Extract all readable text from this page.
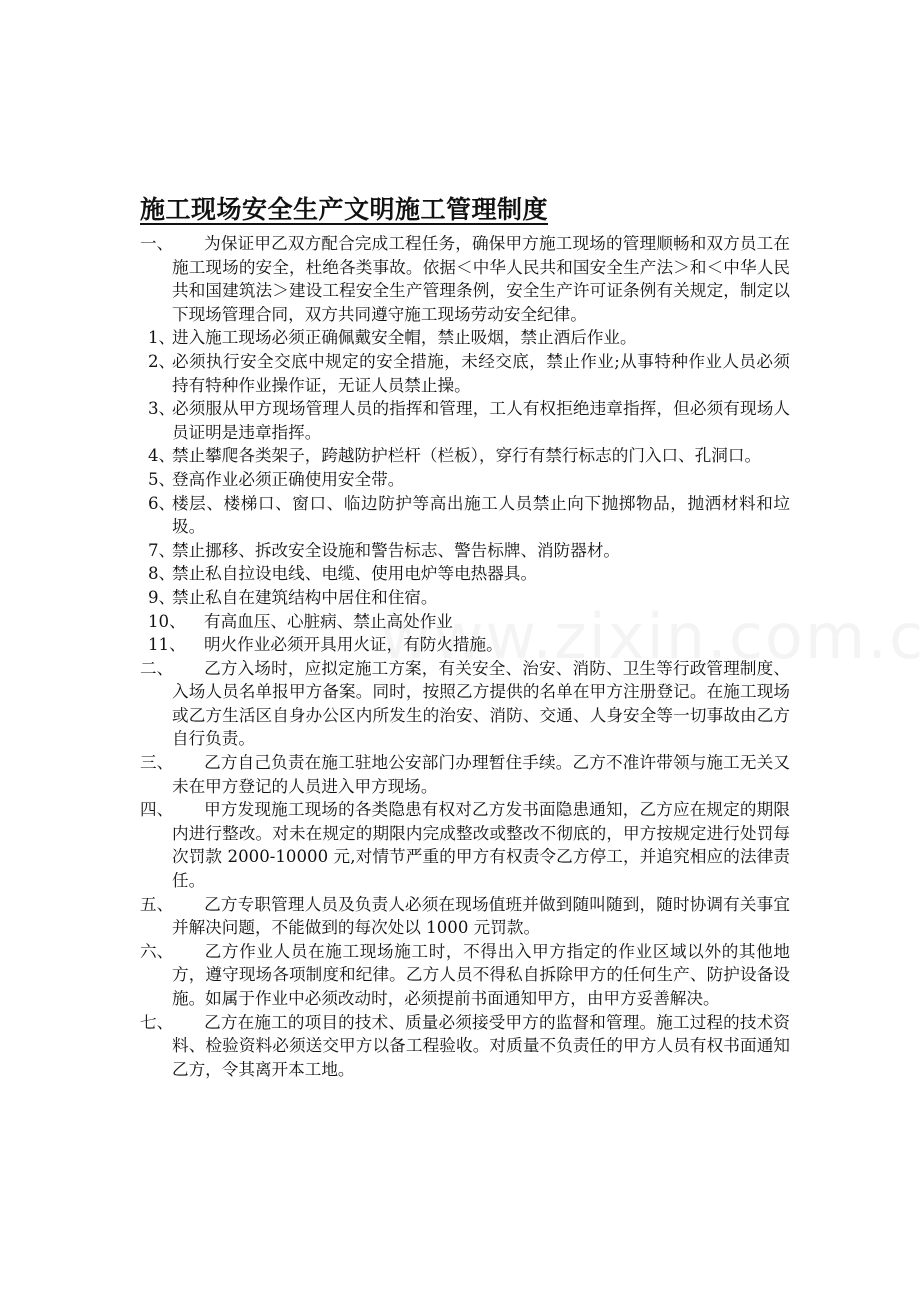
施工现场安全生产文明施工管理制度
一、	为保证甲乙双方配合完成工程任务，确保甲方施工现场的管理顺畅和双方员工在施工现场的安全，杜绝各类事故。依据＜中华人民共和国安全生产法＞和＜中华人民共和国建筑法＞建设工程安全生产管理条例，安全生产许可证条例有关规定，制定以下现场管理合同，双方共同遵守施工现场劳动安全纪律。
1、
进入施工现场必须正确佩戴安全帽，禁止吸烟，禁止酒后作业。
2、
必须执行安全交底中规定的安全措施，未经交底，禁止作业;从事特种作业人员必须持有特种作业操作证，无证人员禁止操。
3、
必须服从甲方现场管理人员的指挥和管理，工人有权拒绝违章指挥，但必须有现场人员证明是违章指挥。
4、
禁止攀爬各类架子，跨越防护栏杆（栏板），穿行有禁行标志的门入口、孔洞口。
5、
登高作业必须正确使用安全带。
6、
楼层、楼梯口、窗口、临边防护等高出施工人员禁止向下抛掷物品，抛洒材料和垃圾。
7、
禁止挪移、拆改安全设施和警告标志、警告标牌、消防器材。
8、
禁止私自拉设电线、电缆、使用电炉等电热器具。
9、
禁止私自在建筑结构中居住和住宿。
10、	有高血压、心脏病、禁止高处作业
11、	明火作业必须开具用火证，有防火措施。
二、	乙方入场时，应拟定施工方案，有关安全、治安、消防、卫生等行政管理制度、入场人员名单报甲方备案。同时，按照乙方提供的名单在甲方注册登记。在施工现场或乙方生活区自身办公区内所发生的治安、消防、交通、人身安全等一切事故由乙方自行负责。
三、	乙方自己负责在施工驻地公安部门办理暂住手续。乙方不准许带领与施工无关又未在甲方登记的人员进入甲方现场。
四、	甲方发现施工现场的各类隐患有权对乙方发书面隐患通知，乙方应在规定的期限内进行整改。对未在规定的期限内完成整改或整改不彻底的，甲方按规定进行处罚每次罚款 2000-10000 元,对情节严重的甲方有权责令乙方停工，并追究相应的法律责任。
五、	乙方专职管理人员及负责人必须在现场值班并做到随叫随到，随时协调有关事宜并解决问题，不能做到的每次处以 1000 元罚款。
六、	乙方作业人员在施工现场施工时，不得出入甲方指定的作业区域以外的其他地方，遵守现场各项制度和纪律。乙方人员不得私自拆除甲方的任何生产、防护设备设施。如属于作业中必须改动时，必须提前书面通知甲方，由甲方妥善解决。
七、	乙方在施工的项目的技术、质量必须接受甲方的监督和管理。施工过程的技术资料、检验资料必须送交甲方以备工程验收。对质量不负责任的甲方人员有权书面通知乙方，令其离开本工地。
